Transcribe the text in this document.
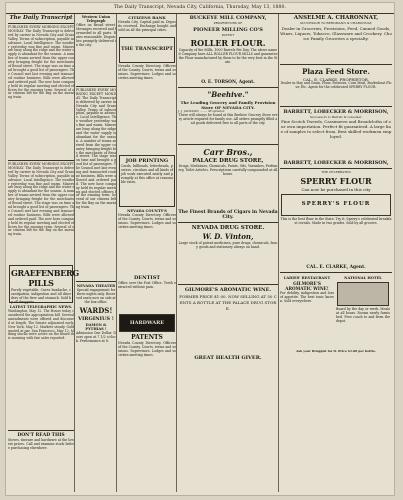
The Daily Transcript, Nevada City, California, Thursday, May 13, 1880.
The Daily Transcript
PUBLISHED EVERY MORNING EXCEPT MONDAY. The Daily Transcript is delivered by carrier in Nevada City and Grass Valley. Terms of subscription, payable in advance. Local Intelligence. The weather yesterday was fine and warm. Miners are busy along the ridge and the water supply is abundant for the season. A number of teams arrived from the upper country bringing freight for the merchants of Broad street. The stage was on time and brought a good list of passengers. The Council met last evening and transacted routine business. Bills were allowed and ordered paid. The new hose company held its regular meeting and elected officers for the ensuing term. Several of our citizens left for the Bay on the morning train.
PUBLISHED EVERY MORNING EXCEPT MONDAY. The Daily Transcript is delivered by carrier in Nevada City and Grass Valley. Terms of subscription, payable in advance. Local Intelligence. The weather yesterday was fine and warm. Miners are busy along the ridge and the water supply is abundant for the season. A number of teams arrived from the upper country bringing freight for the merchants of Broad street. The stage was on time and brought a good list of passengers. The Council met last evening and transacted routine business. Bills were allowed and ordered paid. The new hose company held its regular meeting and elected officers for the ensuing term. Several of our citizens left for the Bay on the morning train.
GRAEFENBERG PILLS
Purely vegetable. Cures headache, constipation, indigestion and all disorders of the liver and stomach. Sold by all druggists.
LATEST TELEGRAPHIC NEWS.
Washington, May 12. The House today considered the appropriation bill. Several amendments were offered and discussed at length. The Senate adjourned early. New York, May 12. Markets steady. Gold quoted at par. San Francisco, May 12. Mining stocks were active on the board this morning with fair sales reported.
DON'T READ THIS
Stoves, tinware and hardware at the lowest prices. Call and examine stock before purchasing elsewhere.
Western Union Telegraph
Office on Broad street. Messages received and forwarded to all parts. Rates reasonable. Dispatches promptly delivered in the city.
PUBLISHED EVERY MORNING EXCEPT MONDAY. The Daily Transcript is delivered by carrier in Nevada City and Grass Valley. Terms of subscription, payable in advance. Local Intelligence. The weather yesterday was fine and warm. Miners are busy along the ridge and the water supply is abundant for the season. A number of teams arrived from the upper country bringing freight for the merchants of Broad street. The stage was on time and brought a good list of passengers. The Council met last evening and transacted routine business. Bills were allowed and ordered paid. The new hose company held its regular meeting and elected officers for the ensuing term. Several of our citizens left for the Bay on the morning train.
NEVADA THEATER
Special engagement for three nights only. Reserved seats now on sale at the box office.
WARDS!
VIRGINIUS !
DAMON & PYTHIAS !
Admission One Dollar. Doors open at 7 1/2 o'clock. Performance at 8.
CITIZENS BANK
Nevada City. Capital paid in. Deposits received. Exchange bought and sold on all the principal cities.
THE TRANSCRIPT
Nevada County Directory. Officers of the County. Courts, terms and sessions. Supervisors. Lodges and societies meeting times.
JOB PRINTING
Cards, billheads, letterheads, posters, circulars and all kinds of job work executed neatly and promptly at this office at reasonable rates.
NEVADA COUNTY'S
Nevada County Directory. Officers of the County. Courts, terms and sessions. Supervisors. Lodges and societies meeting times.
DENTIST
Office over the Post Office. Teeth extracted without pain.
HARDWARE
PATENTS
Nevada County Directory. Officers of the County. Courts, terms and sessions. Supervisors. Lodges and societies meeting times.
BUCKEYE MILL COMPANY,
PROPRIETORS OF
PIONEER MILLING CO'S
PATENT
ROLLER FLOUR.
Capacity of the Mills, 1000 Barrels Per Day. The above named Company have ALL ROLLER FLOUR MILLS and guarantee the Flour manufactured by them to be the very best in the State.
O. E. TORSON, Agent.
"Beehive."
The Leading Grocery and Family Provision Store OF NEVADA CITY.
J. J. JACKSON ........ Proprietor.
There will always be found at this Beehive Grocery Store every article required for family use. All orders promptly filled and goods delivered free to all parts of the city.
Carr Bros.,
PALACE DRUG STORE,
Drugs, Medicines, Chemicals, Paints, Oils, Varnishes, Perfumery, Toilet Articles. Prescriptions carefully compounded at all hours.
The Finest Brands of Cigars in Nevada City.
NEVADA DRUG STORE.
W. D. Vinton,
Large stock of patent medicines, pure drugs, chemicals, fancy goods and stationery always on hand.
GILMORE'S AROMATIC WINE.
FORMER PRICE $1.00. NOW SELLING AT 50 CENTS A BOTTLE AT THE PALACE DRUG STORE.
GREAT HEALTH GIVER.
ANSELME A. CHARONNAT,
SUCCESSOR TO BERGMANN & CHARONNAT,
Dealer in Groceries, Provisions, Feed, Canned Goods, Wines, Liquors, Tobacco, Glassware and Crockery. Choice Family Groceries a specialty.
Plaza Feed Store.
CAL. E. CLARKE, PROPRIETOR.
Dealer in Hay and Grain, Flour, Potatoes, Corn Meal, Buckwheat Flour, Etc. Agent for the celebrated SPERRY FLOUR.
BARRETT, LOBECKER & MORRISON,
Successors to Barrett & Lobecker.
Fine Scotch Tweeds, Cassimeres and Broadcloths of our own importation. Perfect fit guaranteed. A large line of samples to select from. Best skilled workmen employed.
BARRETT, LOBECKER & MORRISON,
THE CELEBRATED
SPERRY FLOUR
Can now be purchased in this city
SPERRY'S FLOUR
This is the best flour in the State. Try it. Sperry's celebrated breakfast cereals. Made in two grades. Sold by all grocers.
CAL. E. CLARKE, Agent.
LADIES' RESTAURANT
GILMORE'S AROMATIC WINE!
For debility, indigestion and loss of appetite. The best tonic known. Sold everywhere.
NATIONAL HOTEL
Board by the day or week. Meals at all hours. Rooms newly furnished. Free coach to and from the depot.
Ask your Druggist for it. Price $1.00 per bottle.
